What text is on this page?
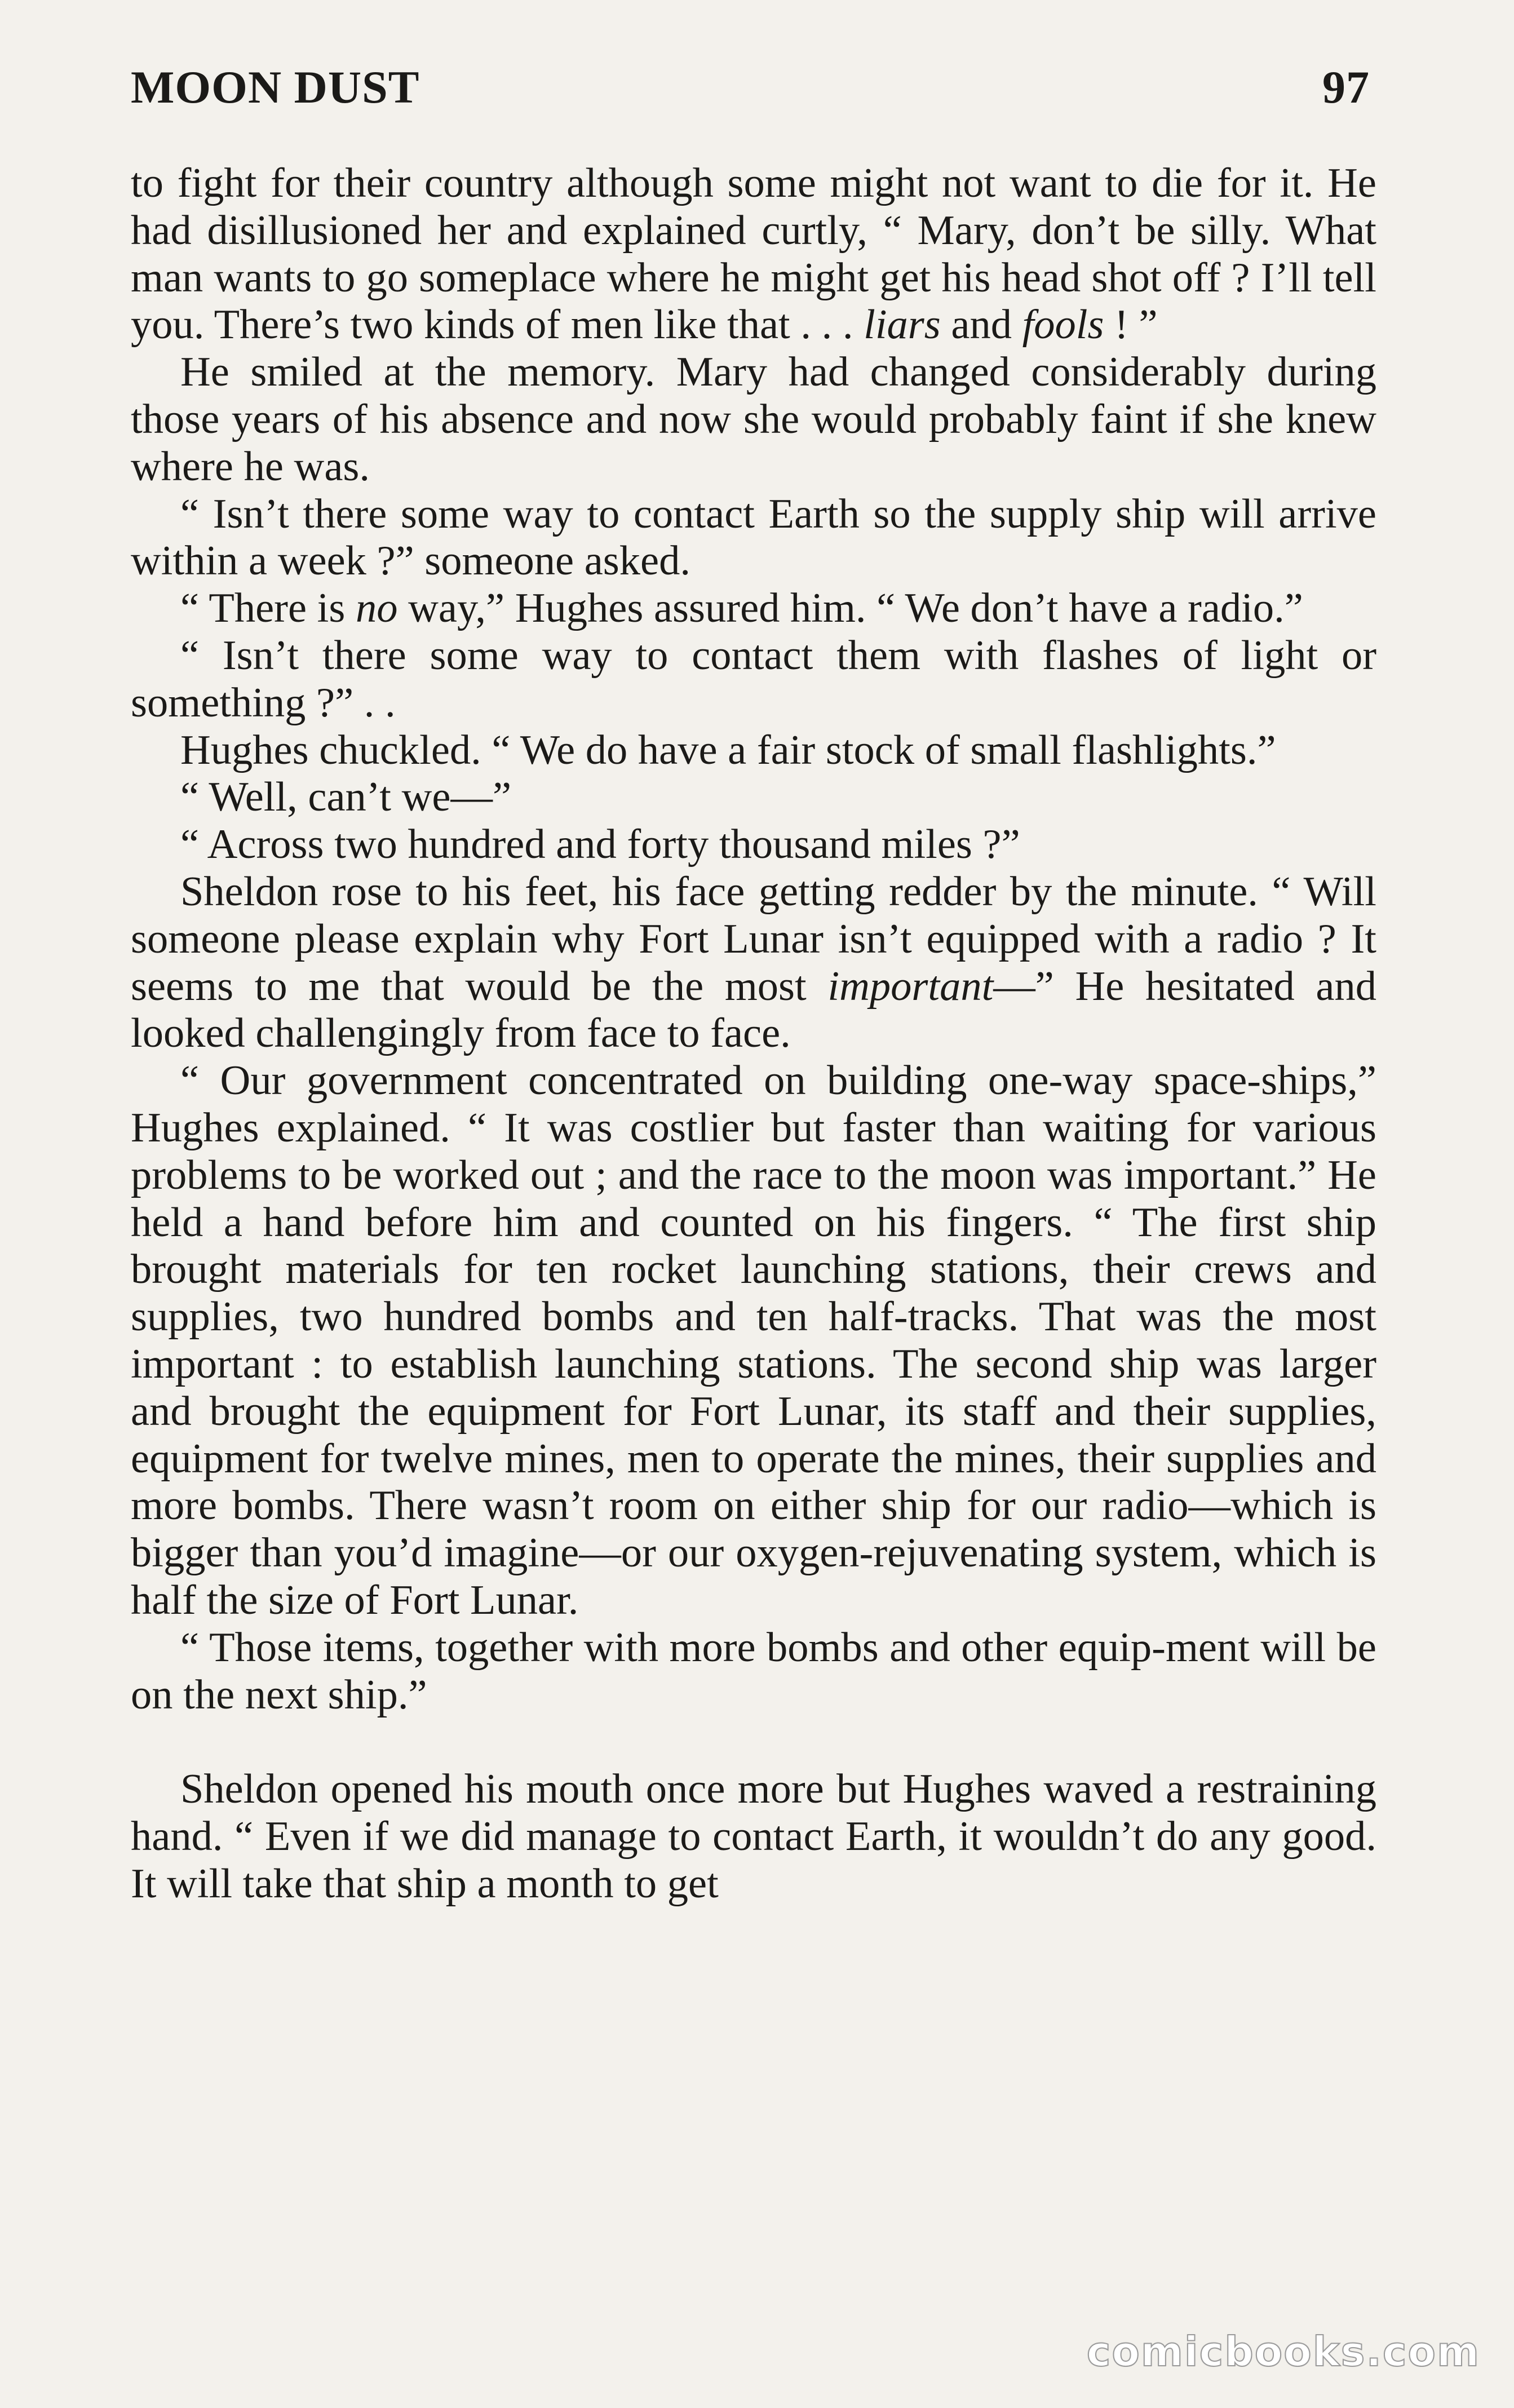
MOON DUST	97

to fight for their country although some might not want to die for it. He had disillusioned her and explained curtly, “ Mary, don’t be silly. What man wants to go someplace where he might get his head shot off ? I’ll tell you. There’s two kinds of men like that . . . liars and fools ! ”

He smiled at the memory. Mary had changed considerably during those years of his absence and now she would probably faint if she knew where he was.

“ Isn’t there some way to contact Earth so the supply ship will arrive within a week ?” someone asked.

“ There is no way,” Hughes assured him. “ We don’t have a radio.”

“ Isn’t there some way to contact them with flashes of light or something ?” . .

Hughes chuckled. “ We do have a fair stock of small flashlights.”

“ Well, can’t we—”

“ Across two hundred and forty thousand miles ?”

Sheldon rose to his feet, his face getting redder by the minute. “ Will someone please explain why Fort Lunar isn’t equipped with a radio ? It seems to me that would be the most important—” He hesitated and looked challengingly from face to face.

“ Our government concentrated on building one-way space-ships,” Hughes explained. “ It was costlier but faster than waiting for various problems to be worked out ; and the race to the moon was important.” He held a hand before him and counted on his fingers. “ The first ship brought materials for ten rocket launching stations, their crews and supplies, two hundred bombs and ten half-tracks. That was the most important : to establish launching stations. The second ship was larger and brought the equipment for Fort Lunar, its staff and their supplies, equipment for twelve mines, men to operate the mines, their supplies and more bombs. There wasn’t room on either ship for our radio—which is bigger than you’d imagine—or our oxygen-rejuvenating system, which is half the size of Fort Lunar.

“ Those items, together with more bombs and other equip-ment will be on the next ship.”

Sheldon opened his mouth once more but Hughes waved a restraining hand. “ Even if we did manage to contact Earth, it wouldn’t do any good. It will take that ship a month to get

comicbooks.com
